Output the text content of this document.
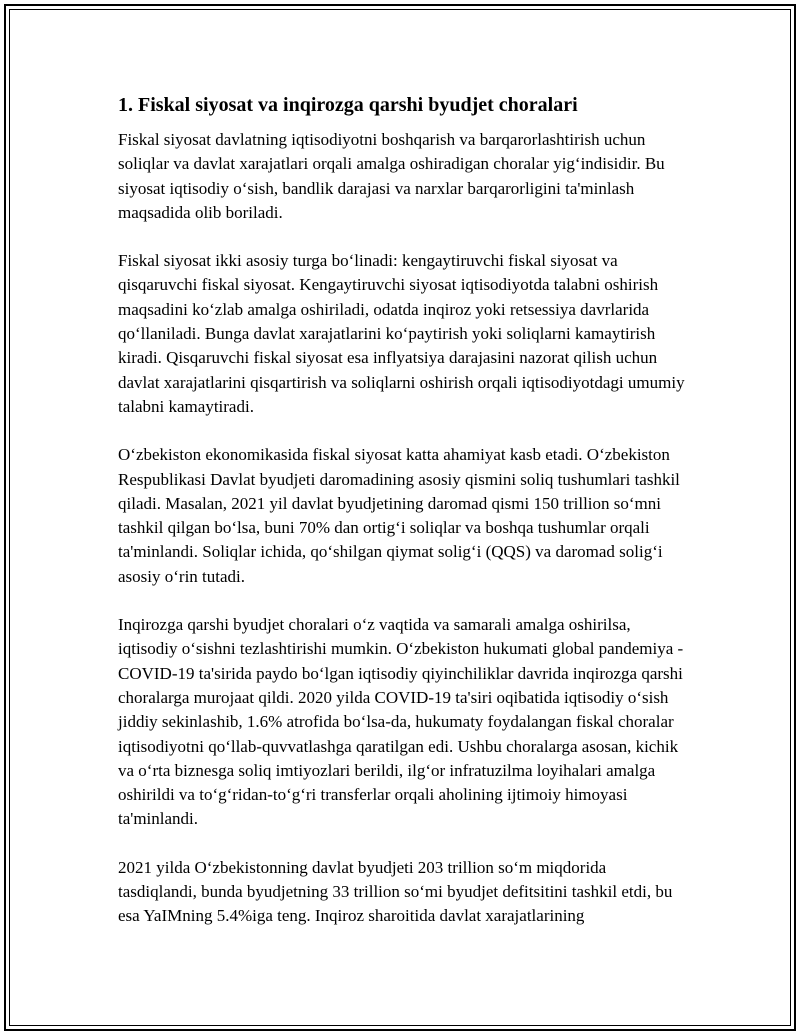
1. Fiskal siyosat va inqirozga qarshi byudjet choralari

Fiskal siyosat davlatning iqtisodiyotni boshqarish va barqarorlashtirish uchun soliqlar va davlat xarajatlari orqali amalga oshiradigan choralar yig‘indisidir. Bu siyosat iqtisodiy o‘sish, bandlik darajasi va narxlar barqarorligini ta'minlash maqsadida olib boriladi.

Fiskal siyosat ikki asosiy turga bo‘linadi: kengaytiruvchi fiskal siyosat va qisqaruvchi fiskal siyosat. Kengaytiruvchi siyosat iqtisodiyotda talabni oshirish maqsadini ko‘zlab amalga oshiriladi, odatda inqiroz yoki retsessiya davrlarida qo‘llaniladi. Bunga davlat xarajatlarini ko‘paytirish yoki soliqlarni kamaytirish kiradi. Qisqaruvchi fiskal siyosat esa inflyatsiya darajasini nazorat qilish uchun davlat xarajatlarini qisqartirish va soliqlarni oshirish orqali iqtisodiyotdagi umumiy talabni kamaytiradi.

O‘zbekiston ekonomikasida fiskal siyosat katta ahamiyat kasb etadi. O‘zbekiston Respublikasi Davlat byudjeti daromadining asosiy qismini soliq tushumlari tashkil qiladi. Masalan, 2021 yil davlat byudjetining daromad qismi 150 trillion so‘mni tashkil qilgan bo‘lsa, buni 70% dan ortig‘i soliqlar va boshqa tushumlar orqali ta'minlandi. Soliqlar ichida, qo‘shilgan qiymat solig‘i (QQS) va daromad solig‘i asosiy o‘rin tutadi.

Inqirozga qarshi byudjet choralari o‘z vaqtida va samarali amalga oshirilsa, iqtisodiy o‘sishni tezlashtirishi mumkin. O‘zbekiston hukumati global pandemiya - COVID-19 ta'sirida paydo bo‘lgan iqtisodiy qiyinchiliklar davrida inqirozga qarshi choralarga murojaat qildi. 2020 yilda COVID-19 ta'siri oqibatida iqtisodiy o‘sish jiddiy sekinlashib, 1.6% atrofida bo‘lsa-da, hukumaty foydalangan fiskal choralar iqtisodiyotni qo‘llab-quvvatlashga qaratilgan edi. Ushbu choralarga asosan, kichik va o‘rta biznesga soliq imtiyozlari berildi, ilg‘or infratuzilma loyihalari amalga oshirildi va to‘g‘ridan-to‘g‘ri transferlar orqali aholining ijtimoiy himoyasi ta'minlandi.

2021 yilda O‘zbekistonning davlat byudjeti 203 trillion so‘m miqdorida tasdiqlandi, bunda byudjetning 33 trillion so‘mi byudjet defitsitini tashkil etdi, bu esa YaIMning 5.4%iga teng. Inqiroz sharoitida davlat xarajatlarining
